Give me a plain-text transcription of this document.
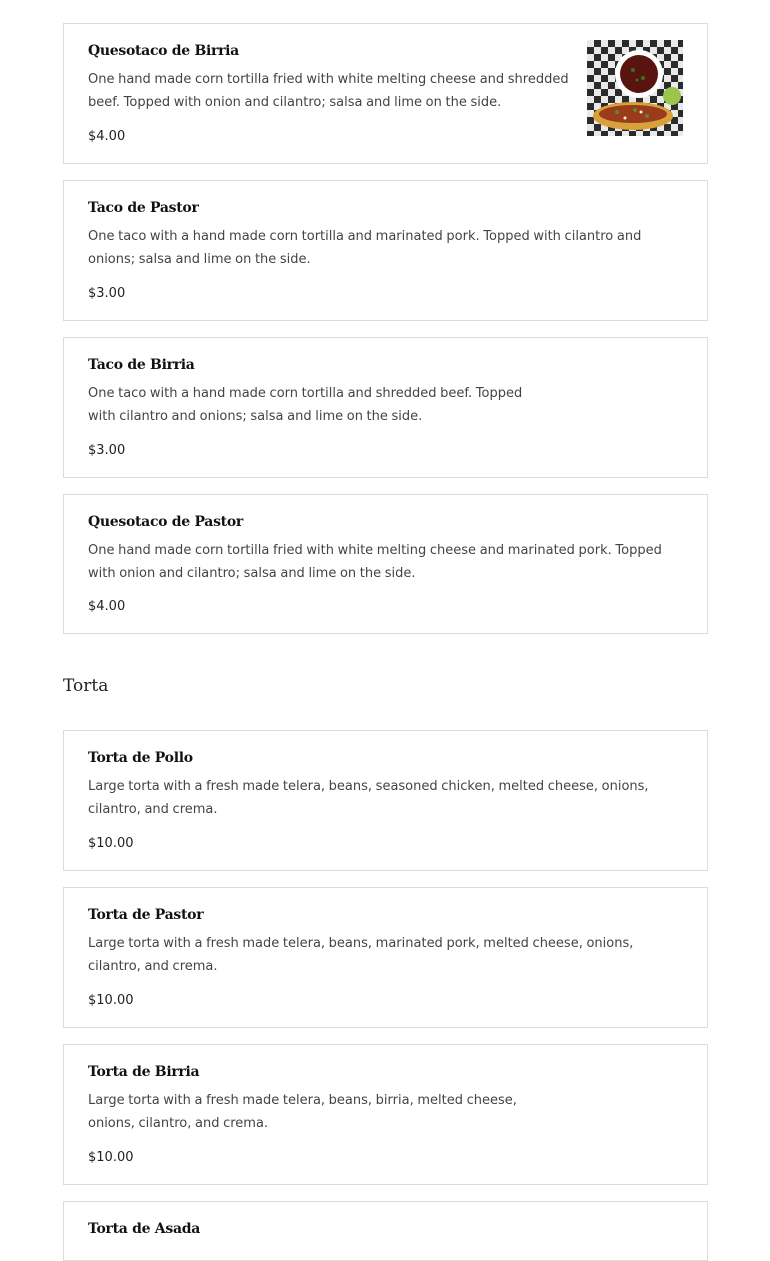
Quesotaco de Birria

One hand made corn tortilla fried with white melting cheese and shredded beef. Topped with onion and cilantro; salsa and lime on the side.

$4.00
Taco de Pastor

One taco with a hand made corn tortilla and marinated pork. Topped with cilantro and onions; salsa and lime on the side.

$3.00
Taco de Birria

One taco with a hand made corn tortilla and shredded beef. Topped with cilantro and onions; salsa and lime on the side.

$3.00
Quesotaco de Pastor

One hand made corn tortilla fried with white melting cheese and marinated pork. Topped with onion and cilantro; salsa and lime on the side.

$4.00
Torta
Torta de Pollo

Large torta with a fresh made telera, beans, seasoned chicken, melted cheese, onions, cilantro, and crema.

$10.00
Torta de Pastor

Large torta with a fresh made telera, beans, marinated pork, melted cheese, onions, cilantro, and crema.

$10.00
Torta de Birria

Large torta with a fresh made telera, beans, birria, melted cheese, onions, cilantro, and crema.

$10.00
Torta de Asada
